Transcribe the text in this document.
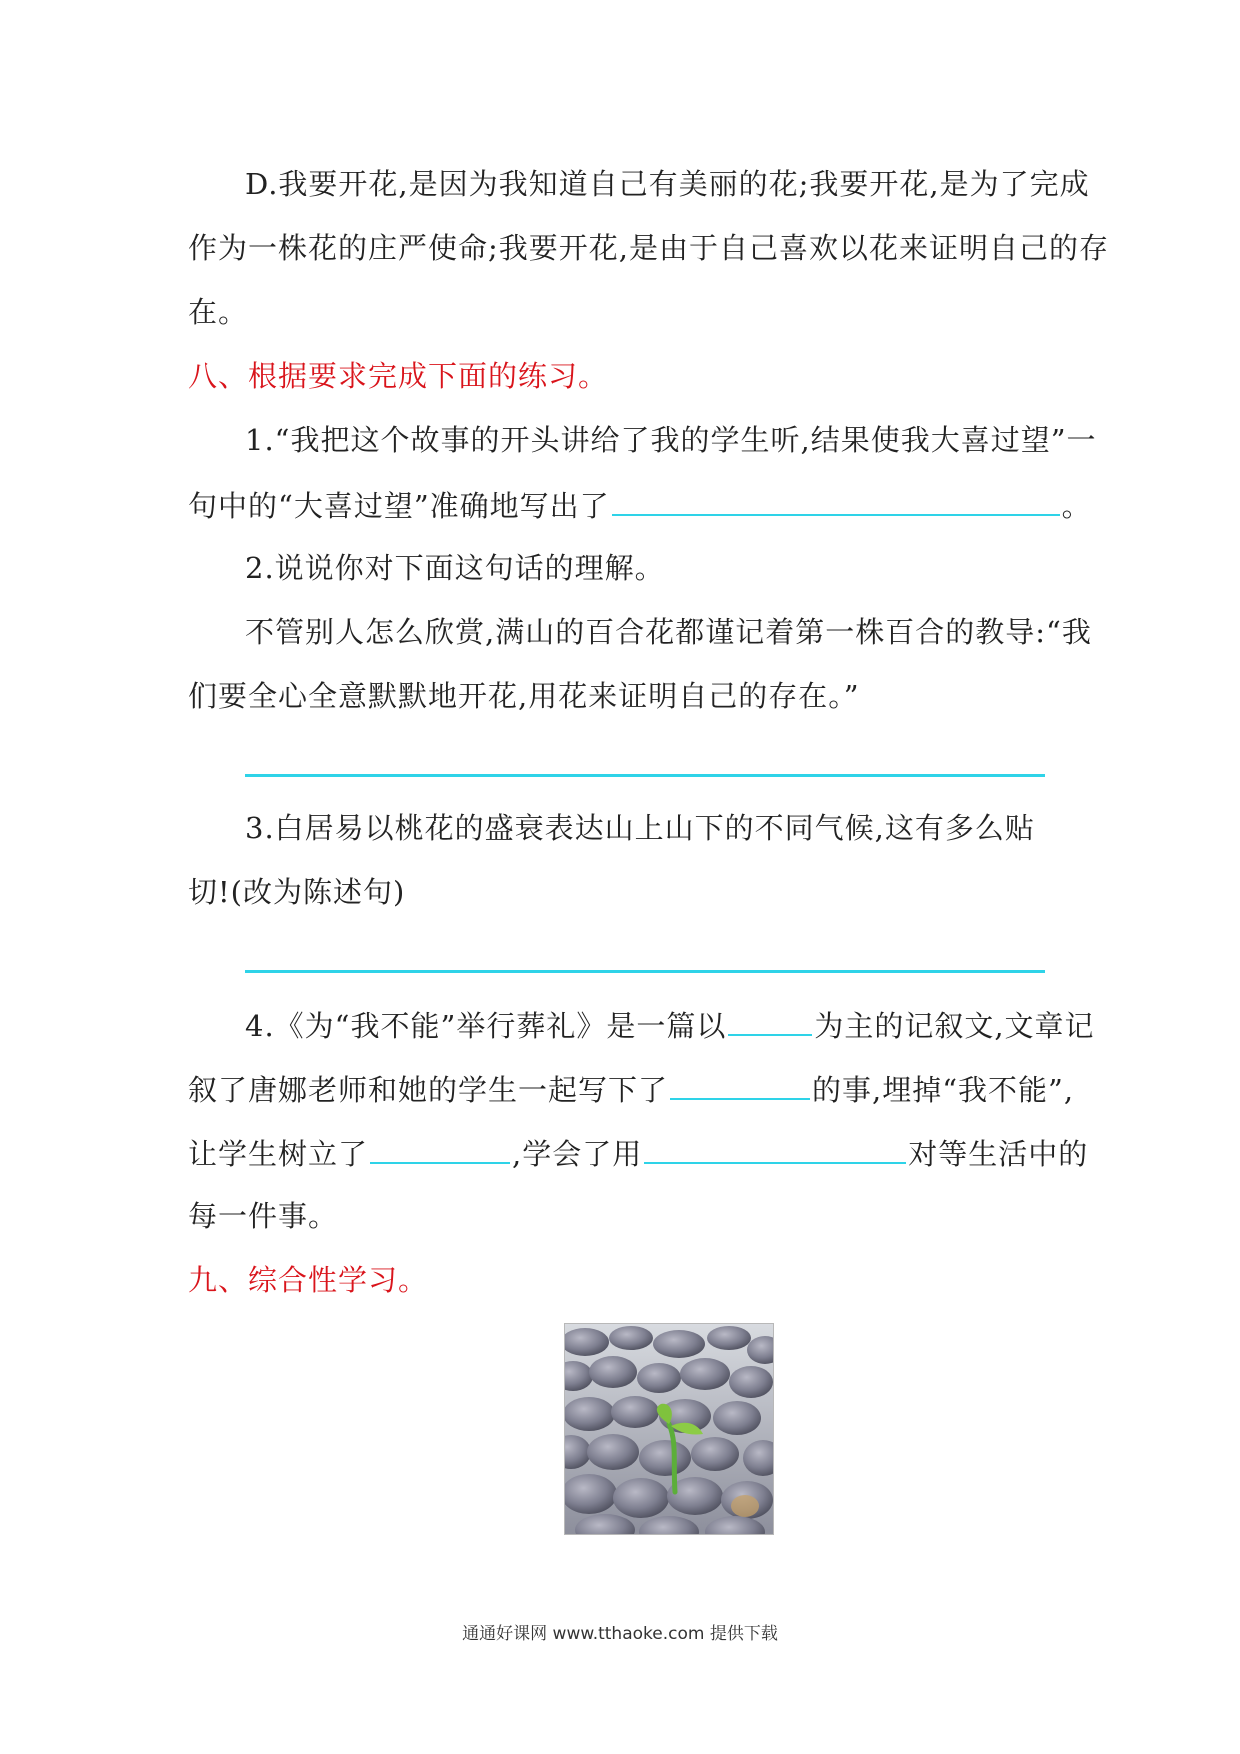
D.我要开花,是因为我知道自己有美丽的花;我要开花,是为了完成
作为一株花的庄严使命;我要开花,是由于自己喜欢以花来证明自己的存
在。
八、根据要求完成下面的练习。
1.“我把这个故事的开头讲给了我的学生听,结果使我大喜过望”一
句中的“大喜过望”准确地写出了	。
2.说说你对下面这句话的理解。
不管别人怎么欣赏,满山的百合花都谨记着第一株百合的教导:“我
们要全心全意默默地开花,用花来证明自己的存在。”
3.白居易以桃花的盛衰表达山上山下的不同气候,这有多么贴
切!(改为陈述句)
4.《为“我不能”举行葬礼》是一篇以	为主的记叙文,文章记
叙了唐娜老师和她的学生一起写下了	的事,埋掉“我不能”,
让学生树立了	,学会了用	对等生活中的
每一件事。
九、综合性学习。
通通好课网 www.tthaoke.com 提供下载
